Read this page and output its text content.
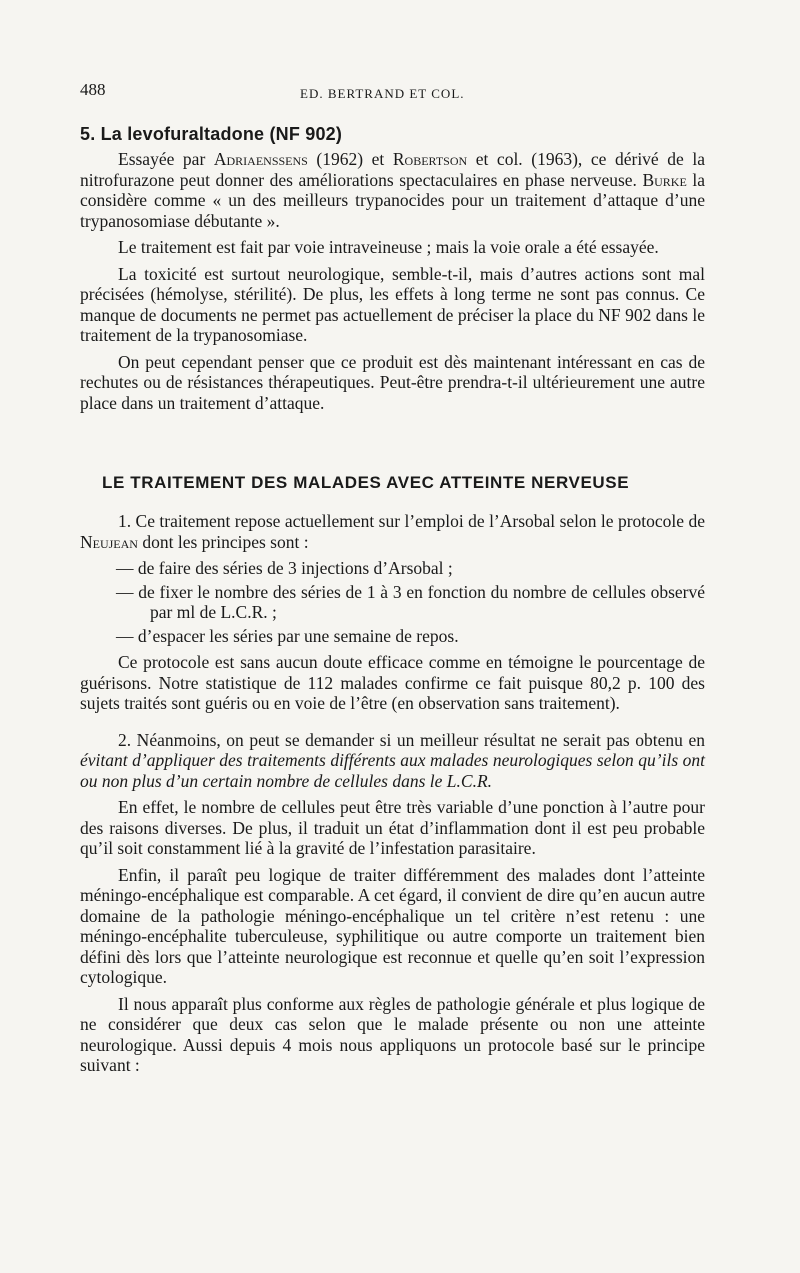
488	ED. BERTRAND ET COL.
5. La levofuraltadone (NF 902)

Essayée par Adriaenssens (1962) et Robertson et col. (1963), ce dérivé de la nitrofurazone peut donner des améliorations spectaculaires en phase nerveuse. Burke la considère comme « un des meilleurs trypanocides pour un traitement d’attaque d’une trypanosomiase débutante ».

Le traitement est fait par voie intraveineuse ; mais la voie orale a été essayée.

La toxicité est surtout neurologique, semble-t-il, mais d’autres actions sont mal précisées (hémolyse, stérilité). De plus, les effets à long terme ne sont pas connus. Ce manque de documents ne permet pas actuellement de préciser la place du NF 902 dans le traitement de la trypanosomiase.

On peut cependant penser que ce produit est dès maintenant intéressant en cas de rechutes ou de résistances thérapeutiques. Peut-être prendra-t-il ultérieurement une autre place dans un traitement d’attaque.

LE TRAITEMENT DES MALADES AVEC ATTEINTE NERVEUSE

1. Ce traitement repose actuellement sur l’emploi de l’Arsobal selon le protocole de Neujean dont les principes sont :

— de faire des séries de 3 injections d’Arsobal ;
— de fixer le nombre des séries de 1 à 3 en fonction du nombre de cellules observé par ml de L.C.R. ;
— d’espacer les séries par une semaine de repos.

Ce protocole est sans aucun doute efficace comme en témoigne le pourcentage de guérisons. Notre statistique de 112 malades confirme ce fait puisque 80,2 p. 100 des sujets traités sont guéris ou en voie de l’être (en observation sans traitement).

2. Néanmoins, on peut se demander si un meilleur résultat ne serait pas obtenu en évitant d’appliquer des traitements différents aux malades neurologiques selon qu’ils ont ou non plus d’un certain nombre de cellules dans le L.C.R.

En effet, le nombre de cellules peut être très variable d’une ponction à l’autre pour des raisons diverses. De plus, il traduit un état d’inflammation dont il est peu probable qu’il soit constamment lié à la gravité de l’infestation parasitaire.

Enfin, il paraît peu logique de traiter différemment des malades dont l’atteinte méningo-encéphalique est comparable. A cet égard, il convient de dire qu’en aucun autre domaine de la pathologie méningo-encéphalique un tel critère n’est retenu : une méningo-encéphalite tuberculeuse, syphilitique ou autre comporte un traitement bien défini dès lors que l’atteinte neurologique est reconnue et quelle qu’en soit l’expression cytologique.

Il nous apparaît plus conforme aux règles de pathologie générale et plus logique de ne considérer que deux cas selon que le malade présente ou non une atteinte neurologique. Aussi depuis 4 mois nous appliquons un protocole basé sur le principe suivant :
